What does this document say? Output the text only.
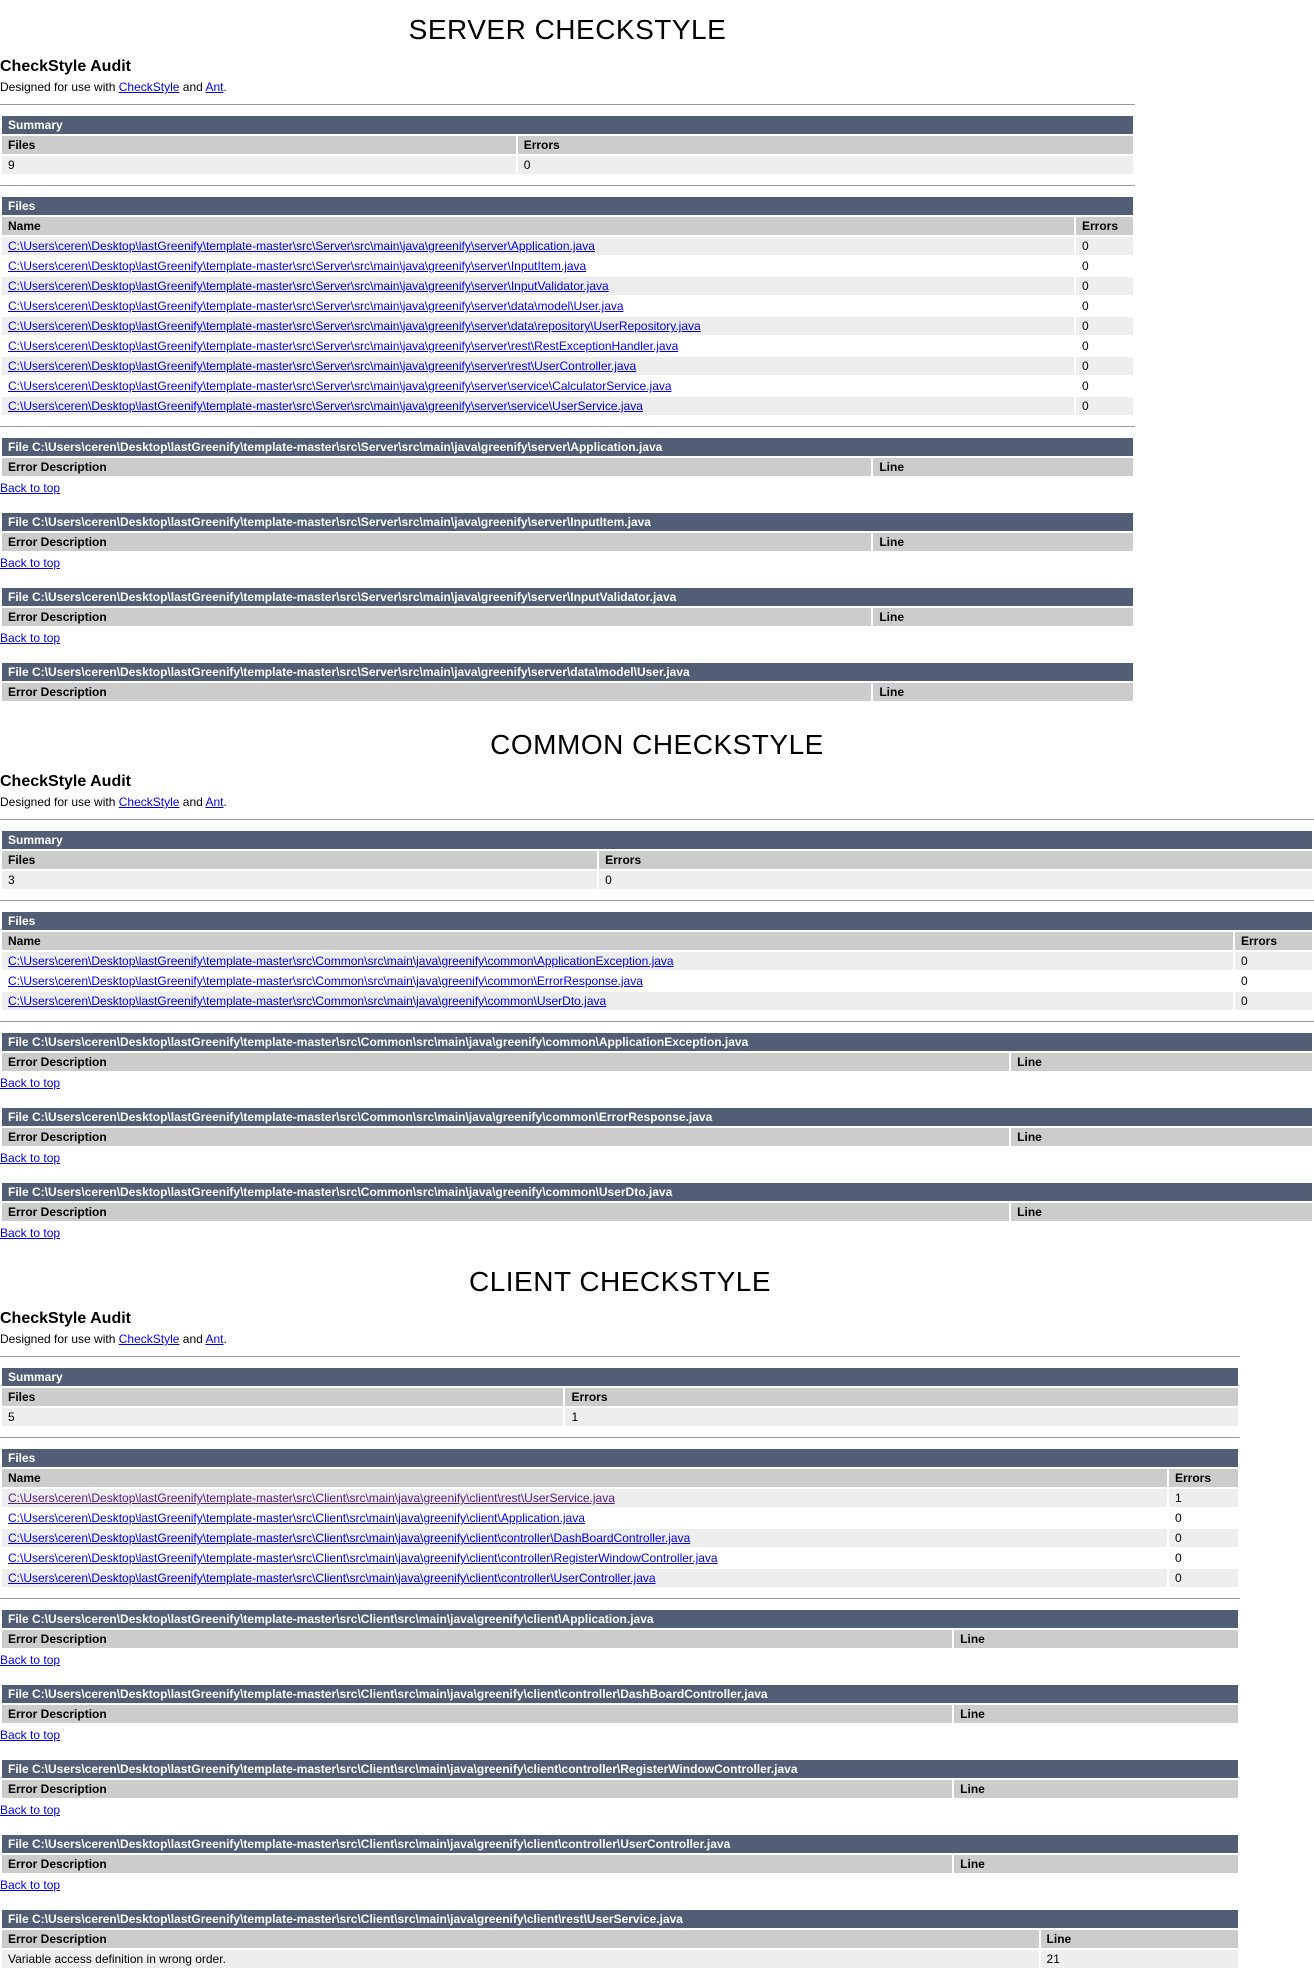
SERVER CHECKSTYLE
CheckStyle Audit

Designed for use with CheckStyle and Ant.

Summary	
Files	Errors
9	0
Files	
Name	Errors
C:\Users\ceren\Desktop\lastGreenify\template-master\src\Server\src\main\java\greenify\server\Application.java	0
C:\Users\ceren\Desktop\lastGreenify\template-master\src\Server\src\main\java\greenify\server\InputItem.java	0
C:\Users\ceren\Desktop\lastGreenify\template-master\src\Server\src\main\java\greenify\server\InputValidator.java	0
C:\Users\ceren\Desktop\lastGreenify\template-master\src\Server\src\main\java\greenify\server\data\model\User.java	0
C:\Users\ceren\Desktop\lastGreenify\template-master\src\Server\src\main\java\greenify\server\data\repository\UserRepository.java	0
C:\Users\ceren\Desktop\lastGreenify\template-master\src\Server\src\main\java\greenify\server\rest\RestExceptionHandler.java	0
C:\Users\ceren\Desktop\lastGreenify\template-master\src\Server\src\main\java\greenify\server\rest\UserController.java	0
C:\Users\ceren\Desktop\lastGreenify\template-master\src\Server\src\main\java\greenify\server\service\CalculatorService.java	0
C:\Users\ceren\Desktop\lastGreenify\template-master\src\Server\src\main\java\greenify\server\service\UserService.java	0
File C:\Users\ceren\Desktop\lastGreenify\template-master\src\Server\src\main\java\greenify\server\Application.java
Error Description	Line
Back to top
File C:\Users\ceren\Desktop\lastGreenify\template-master\src\Server\src\main\java\greenify\server\InputItem.java
Error Description	Line
Back to top
File C:\Users\ceren\Desktop\lastGreenify\template-master\src\Server\src\main\java\greenify\server\InputValidator.java
Error Description	Line
Back to top
File C:\Users\ceren\Desktop\lastGreenify\template-master\src\Server\src\main\java\greenify\server\data\model\User.java
Error Description	Line
COMMON CHECKSTYLE
CheckStyle Audit

Designed for use with CheckStyle and Ant.

Summary	
Files	Errors
3	0
Files	
Name	Errors
C:\Users\ceren\Desktop\lastGreenify\template-master\src\Common\src\main\java\greenify\common\ApplicationException.java	0
C:\Users\ceren\Desktop\lastGreenify\template-master\src\Common\src\main\java\greenify\common\ErrorResponse.java	0
C:\Users\ceren\Desktop\lastGreenify\template-master\src\Common\src\main\java\greenify\common\UserDto.java	0
File C:\Users\ceren\Desktop\lastGreenify\template-master\src\Common\src\main\java\greenify\common\ApplicationException.java
Error Description	Line
Back to top
File C:\Users\ceren\Desktop\lastGreenify\template-master\src\Common\src\main\java\greenify\common\ErrorResponse.java
Error Description	Line
Back to top
File C:\Users\ceren\Desktop\lastGreenify\template-master\src\Common\src\main\java\greenify\common\UserDto.java
Error Description	Line
Back to top
CLIENT CHECKSTYLE
CheckStyle Audit

Designed for use with CheckStyle and Ant.

Summary	
Files	Errors
5	1
Files	
Name	Errors
C:\Users\ceren\Desktop\lastGreenify\template-master\src\Client\src\main\java\greenify\client\rest\UserService.java	1
C:\Users\ceren\Desktop\lastGreenify\template-master\src\Client\src\main\java\greenify\client\Application.java	0
C:\Users\ceren\Desktop\lastGreenify\template-master\src\Client\src\main\java\greenify\client\controller\DashBoardController.java	0
C:\Users\ceren\Desktop\lastGreenify\template-master\src\Client\src\main\java\greenify\client\controller\RegisterWindowController.java	0
C:\Users\ceren\Desktop\lastGreenify\template-master\src\Client\src\main\java\greenify\client\controller\UserController.java	0
File C:\Users\ceren\Desktop\lastGreenify\template-master\src\Client\src\main\java\greenify\client\Application.java
Error Description	Line
Back to top
File C:\Users\ceren\Desktop\lastGreenify\template-master\src\Client\src\main\java\greenify\client\controller\DashBoardController.java
Error Description	Line
Back to top
File C:\Users\ceren\Desktop\lastGreenify\template-master\src\Client\src\main\java\greenify\client\controller\RegisterWindowController.java
Error Description	Line
Back to top
File C:\Users\ceren\Desktop\lastGreenify\template-master\src\Client\src\main\java\greenify\client\controller\UserController.java
Error Description	Line
Back to top
File C:\Users\ceren\Desktop\lastGreenify\template-master\src\Client\src\main\java\greenify\client\rest\UserService.java	
Error Description	Line
Variable access definition in wrong order.	21
